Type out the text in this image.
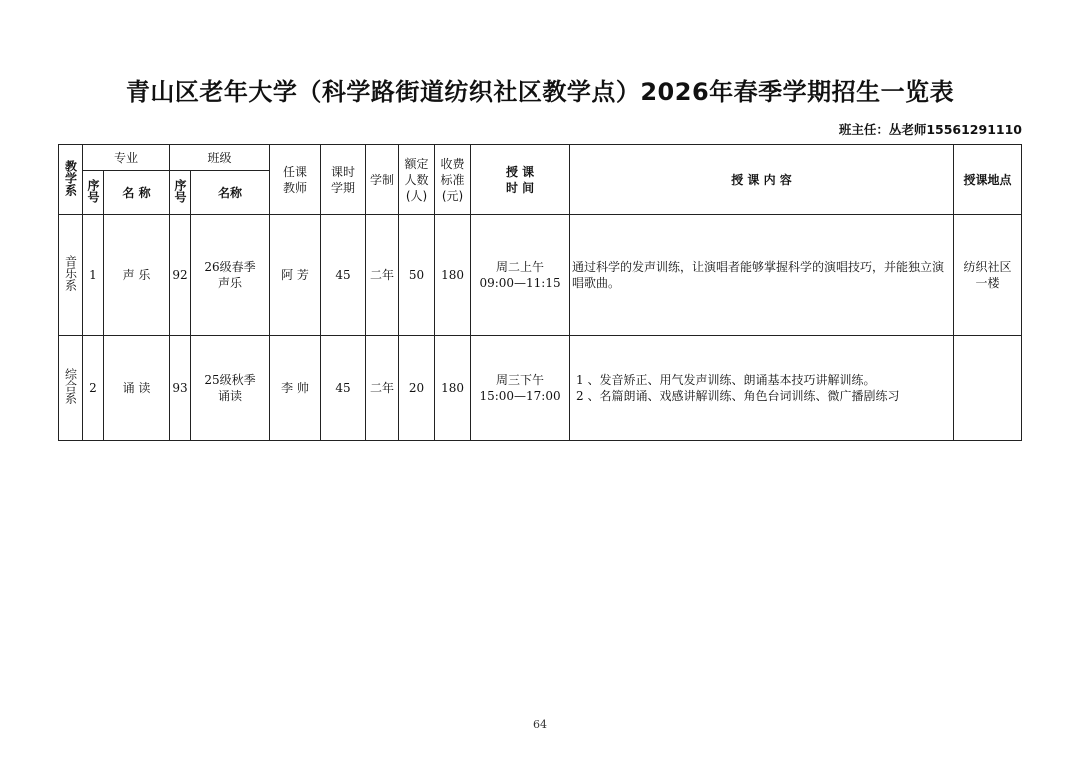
青山区老年大学（科学路街道纺织社区教学点）2026年春季学期招生一览表
班主任：丛老师15561291110
教学系	专业		班级		任课教师	课时学期	学制	额定人数(人)	收费标准(元)	授 课 时 间	授 课 内 容	授课地点
	序号	名 称	序号	名称								
音乐系	1	声 乐	92	26级春季声乐	阿 芳	45	二年	50	180	周二上午 09:00—11:15	通过科学的发声训练，让演唱者能够掌握科学的演唱技巧，并能独立演唱歌曲。	纺织社区一楼

综合系	2	诵 读	93	25级秋季诵读	李 帅	45	二年	20	180	周三下午 15:00—17:00	1 、发音矫正、用气发声训练、朗诵基本技巧讲解训练。
2 、名篇朗诵、戏感讲解训练、角色台词训练、微广播剧练习	

64
